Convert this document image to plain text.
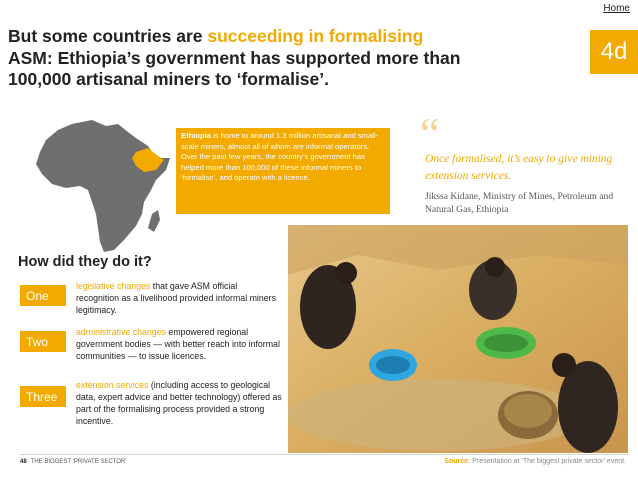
Home
4d
But some countries are succeeding in formalising
ASM: Ethiopia’s government has supported more than 100,000 artisanal miners to ‘formalise’.

Ethiopia is home to around 1.3 million artisanal and small-scale miners, almost all of whom are informal operators.

Over the past few years, the country’s government has helped more than 100,000 of these informal miners to ‘formalise’, and operate with a licence.

“
Once formalised, it’s easy to give mining extension services.
Jikssa Kidane, Ministry of Mines, Petroleum and Natural Gas, Ethiopia
How did they do it?
One

legislative changes that gave ASM official recognition as a livelihood provided informal miners legitimacy.

Two

administrative changes empowered regional government bodies — with better reach into informal communities — to issue licences.

Three

extension services (including access to geological data, expert advice and better technology) offered as part of the formalising process provided a strong incentive.

48 THE BIGGEST ‘PRIVATE SECTOR’	Source: Presentation at ‘The biggest private sector’ event.
